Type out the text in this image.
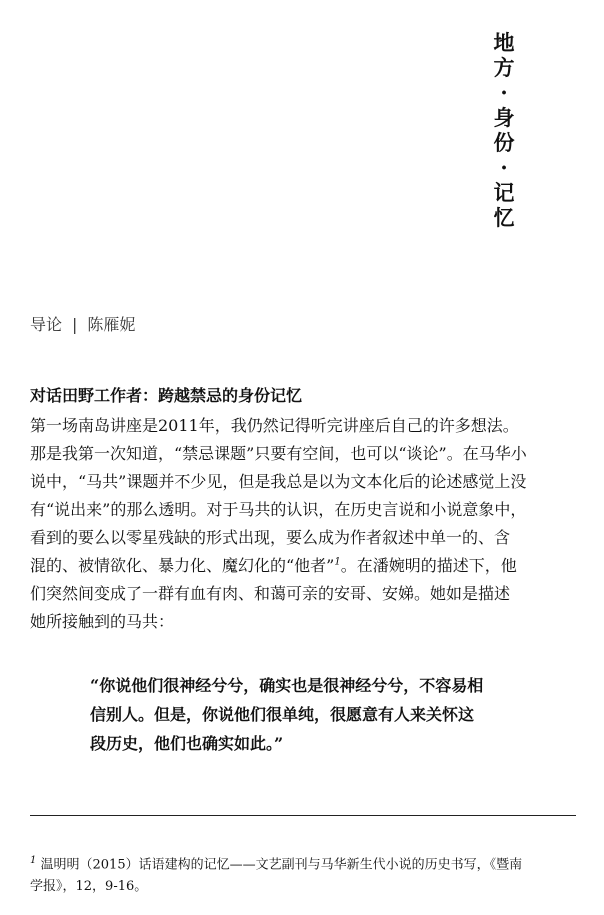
地
方
·
身
份
·
记
忆
导论 | 陈雁妮
对话田野工作者：跨越禁忌的身份记忆
第一场南岛讲座是2011年，我仍然记得听完讲座后自己的许多想法。
那是我第一次知道，“禁忌课题”只要有空间，也可以“谈论”。在马华小
说中，“马共”课题并不少见，但是我总是以为文本化后的论述感觉上没
有“说出来”的那么透明。对于马共的认识，在历史言说和小说意象中，
看到的要么以零星残缺的形式出现，要么成为作者叙述中单一的、含
混的、被情欲化、暴力化、魔幻化的“他者”$^1$。在潘婉明的描述下，他
们突然间变成了一群有血有肉、和蔼可亲的安哥、安娣。她如是描述
她所接触到的马共：
“你说他们很神经兮兮，确实也是很神经兮兮，不容易相
信别人。但是，你说他们很单纯，很愿意有人来关怀这
段历史，他们也确实如此。”
$^1$ 温明明（2015）话语建构的记忆——文艺副刊与马华新生代小说的历史书写，《暨南
学报》，12，9-16。
